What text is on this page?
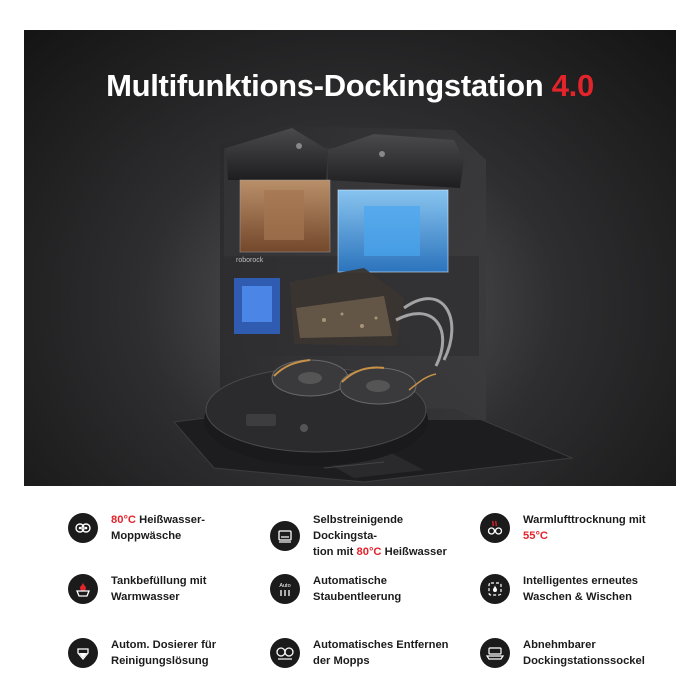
Multifunktions-Dockingstation 4.0
roborock
80°C Heißwasser-
Moppwäsche
Selbstreinigende Dockingsta-
tion mit 80°C Heißwasser
Warmlufttrocknung mit
55°C
Tankbefüllung mit
Warmwasser
Auto Automatische
Staubentleerung
Intelligentes erneutes
Waschen & Wischen
Autom. Dosierer für
Reinigungslösung
Automatisches Entfernen
der Mopps
Abnehmbarer
Dockingstationssockel
